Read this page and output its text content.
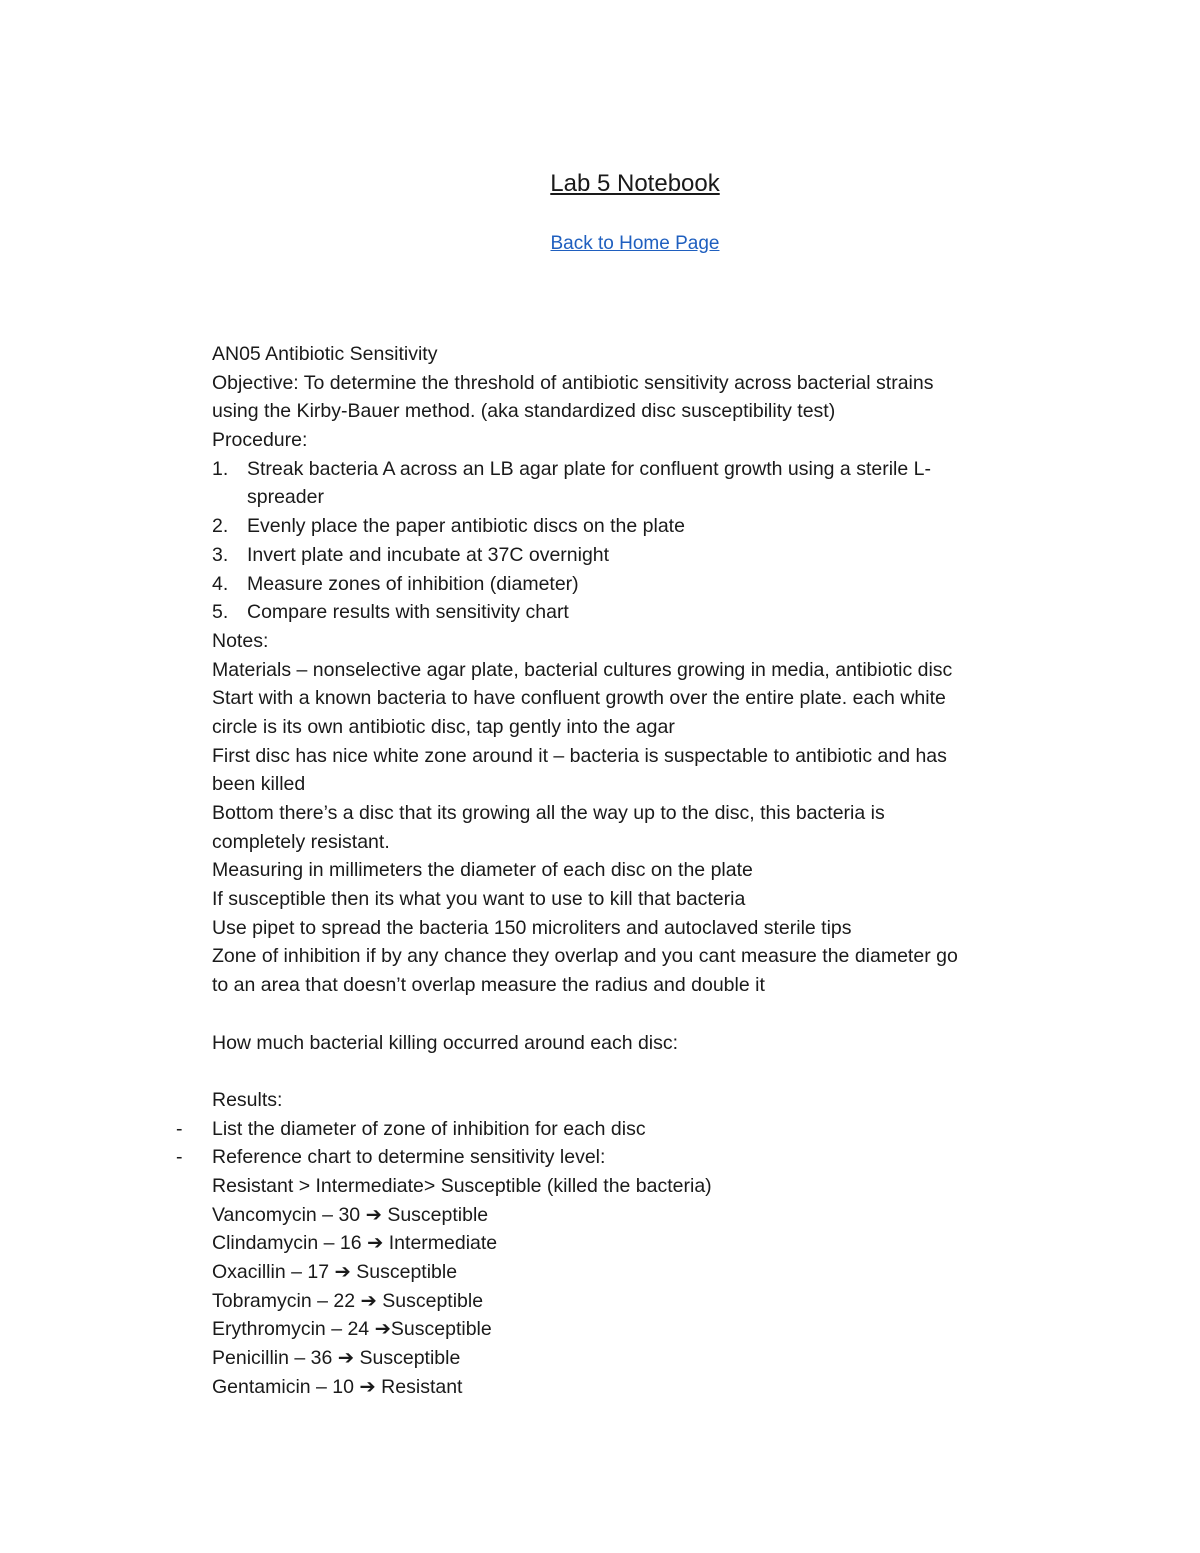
Lab 5 Notebook
Back to Home Page
AN05 Antibiotic Sensitivity
Objective: To determine the threshold of antibiotic sensitivity across bacterial strains
using the Kirby-Bauer method. (aka standardized disc susceptibility test)
Procedure:
1. Streak bacteria A across an LB agar plate for confluent growth using a sterile L-
spreader
2. Evenly place the paper antibiotic discs on the plate
3. Invert plate and incubate at 37C overnight
4. Measure zones of inhibition (diameter)
5. Compare results with sensitivity chart
Notes:
Materials – nonselective agar plate, bacterial cultures growing in media, antibiotic disc
Start with a known bacteria to have confluent growth over the entire plate. each white
circle is its own antibiotic disc, tap gently into the agar
First disc has nice white zone around it – bacteria is suspectable to antibiotic and has
been killed
Bottom there’s a disc that its growing all the way up to the disc, this bacteria is
completely resistant.
Measuring in millimeters the diameter of each disc on the plate
If susceptible then its what you want to use to kill that bacteria
Use pipet to spread the bacteria 150 microliters and autoclaved sterile tips
Zone of inhibition if by any chance they overlap and you cant measure the diameter go
to an area that doesn’t overlap measure the radius and double it
How much bacterial killing occurred around each disc:
Results:
- List the diameter of zone of inhibition for each disc
- Reference chart to determine sensitivity level:
Resistant > Intermediate> Susceptible (killed the bacteria)
Vancomycin – 30 ➔ Susceptible
Clindamycin – 16 ➔ Intermediate
Oxacillin – 17 ➔ Susceptible
Tobramycin – 22 ➔ Susceptible
Erythromycin – 24 ➔Susceptible
Penicillin – 36 ➔ Susceptible
Gentamicin – 10 ➔ Resistant
